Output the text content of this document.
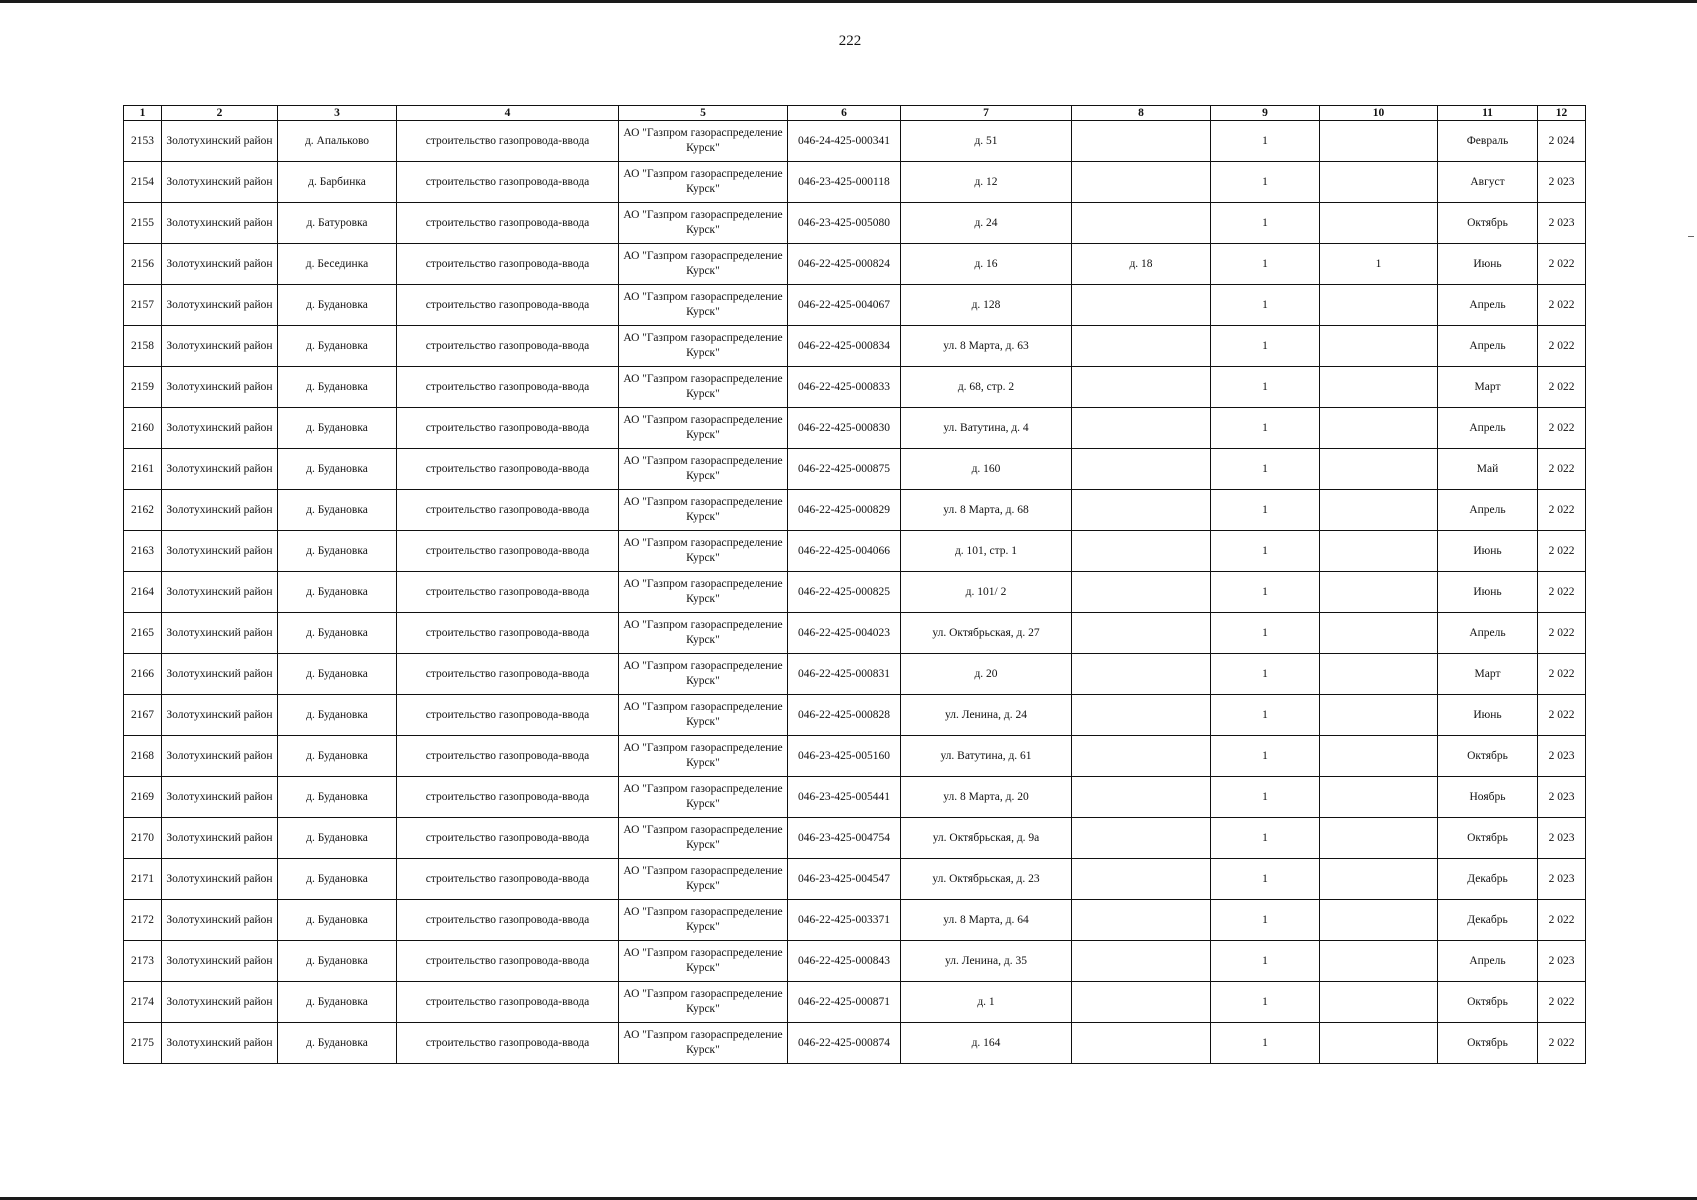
222
1	2	3	4	5	6	7	8	9	10	11	12
2153	Золотухинский район	д. Апальково	строительство газопровода-ввода	АО "Газпром газораспределение Курск"	046-24-425-000341	д. 51		1		Февраль	2 024
2154	Золотухинский район	д. Барбинка	строительство газопровода-ввода	АО "Газпром газораспределение Курск"	046-23-425-000118	д. 12		1		Август	2 023
2155	Золотухинский район	д. Батуровка	строительство газопровода-ввода	АО "Газпром газораспределение Курск"	046-23-425-005080	д. 24		1		Октябрь	2 023
2156	Золотухинский район	д. Бесединка	строительство газопровода-ввода	АО "Газпром газораспределение Курск"	046-22-425-000824	д. 16	д. 18	1	1	Июнь	2 022
2157	Золотухинский район	д. Будановка	строительство газопровода-ввода	АО "Газпром газораспределение Курск"	046-22-425-004067	д. 128		1		Апрель	2 022
2158	Золотухинский район	д. Будановка	строительство газопровода-ввода	АО "Газпром газораспределение Курск"	046-22-425-000834	ул. 8 Марта, д. 63		1		Апрель	2 022
2159	Золотухинский район	д. Будановка	строительство газопровода-ввода	АО "Газпром газораспределение Курск"	046-22-425-000833	д. 68, стр. 2		1		Март	2 022
2160	Золотухинский район	д. Будановка	строительство газопровода-ввода	АО "Газпром газораспределение Курск"	046-22-425-000830	ул. Ватутина, д. 4		1		Апрель	2 022
2161	Золотухинский район	д. Будановка	строительство газопровода-ввода	АО "Газпром газораспределение Курск"	046-22-425-000875	д. 160		1		Май	2 022
2162	Золотухинский район	д. Будановка	строительство газопровода-ввода	АО "Газпром газораспределение Курск"	046-22-425-000829	ул. 8 Марта, д. 68		1		Апрель	2 022
2163	Золотухинский район	д. Будановка	строительство газопровода-ввода	АО "Газпром газораспределение Курск"	046-22-425-004066	д. 101, стр. 1		1		Июнь	2 022
2164	Золотухинский район	д. Будановка	строительство газопровода-ввода	АО "Газпром газораспределение Курск"	046-22-425-000825	д. 101/ 2		1		Июнь	2 022
2165	Золотухинский район	д. Будановка	строительство газопровода-ввода	АО "Газпром газораспределение Курск"	046-22-425-004023	ул. Октябрьская, д. 27		1		Апрель	2 022
2166	Золотухинский район	д. Будановка	строительство газопровода-ввода	АО "Газпром газораспределение Курск"	046-22-425-000831	д. 20		1		Март	2 022
2167	Золотухинский район	д. Будановка	строительство газопровода-ввода	АО "Газпром газораспределение Курск"	046-22-425-000828	ул. Ленина, д. 24		1		Июнь	2 022
2168	Золотухинский район	д. Будановка	строительство газопровода-ввода	АО "Газпром газораспределение Курск"	046-23-425-005160	ул. Ватутина, д. 61		1		Октябрь	2 023
2169	Золотухинский район	д. Будановка	строительство газопровода-ввода	АО "Газпром газораспределение Курск"	046-23-425-005441	ул. 8 Марта, д. 20		1		Ноябрь	2 023
2170	Золотухинский район	д. Будановка	строительство газопровода-ввода	АО "Газпром газораспределение Курск"	046-23-425-004754	ул. Октябрьская, д. 9а		1		Октябрь	2 023
2171	Золотухинский район	д. Будановка	строительство газопровода-ввода	АО "Газпром газораспределение Курск"	046-23-425-004547	ул. Октябрьская, д. 23		1		Декабрь	2 023
2172	Золотухинский район	д. Будановка	строительство газопровода-ввода	АО "Газпром газораспределение Курск"	046-22-425-003371	ул. 8 Марта, д. 64		1		Декабрь	2 022
2173	Золотухинский район	д. Будановка	строительство газопровода-ввода	АО "Газпром газораспределение Курск"	046-22-425-000843	ул. Ленина, д. 35		1		Апрель	2 023
2174	Золотухинский район	д. Будановка	строительство газопровода-ввода	АО "Газпром газораспределение Курск"	046-22-425-000871	д. 1		1		Октябрь	2 022
2175	Золотухинский район	д. Будановка	строительство газопровода-ввода	АО "Газпром газораспределение Курск"	046-22-425-000874	д. 164		1		Октябрь	2 022
